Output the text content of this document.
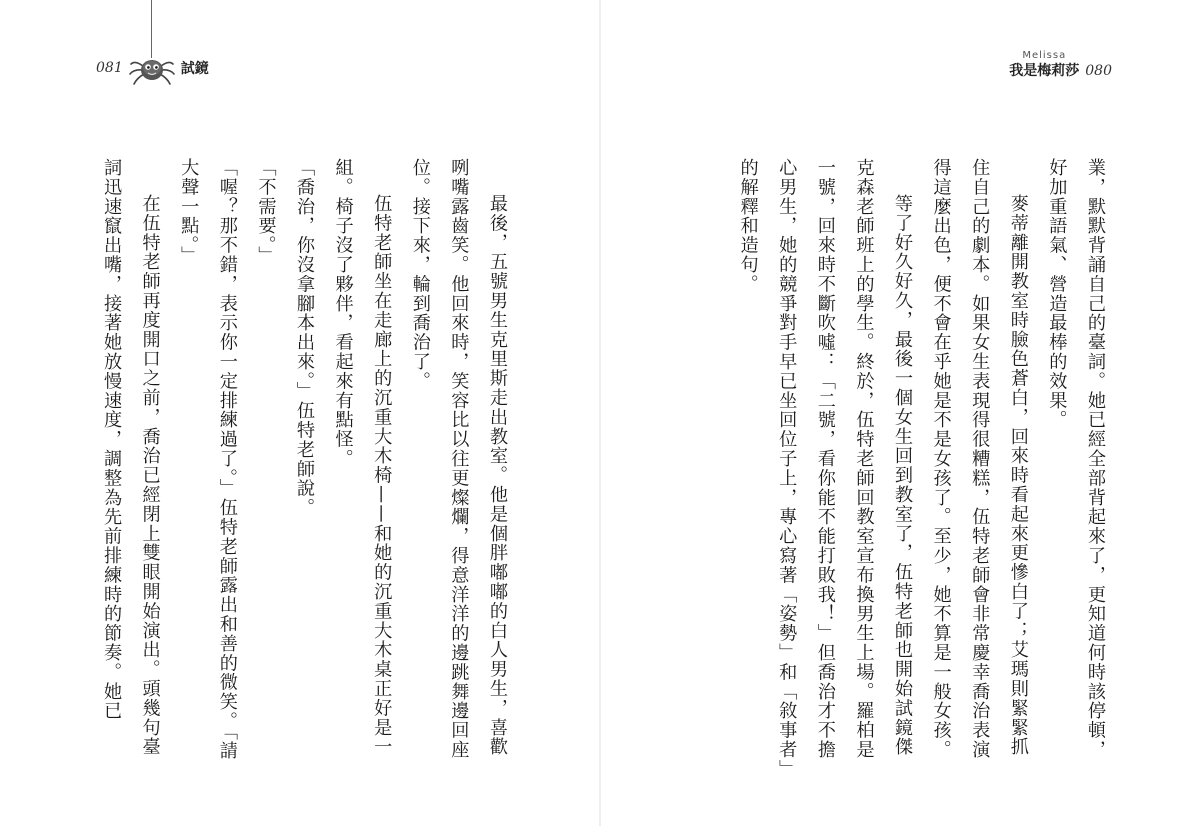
081	試鏡
Melissa
我是梅莉莎 080

業，默默背誦自己的臺詞。她已經全部背起來了，更知道何時該停頓，好加重語氣、營造最棒的效果。

麥蒂離開教室時臉色蒼白，回來時看起來更慘白了；艾瑪則緊緊抓住自己的劇本。如果女生表現得很糟糕，伍特老師會非常慶幸喬治表演得這麼出色，便不會在乎她是不是女孩了。至少，她不算是一般女孩。

等了好久好久，最後一個女生回到教室了，伍特老師也開始試鏡傑克森老師班上的學生。終於，伍特老師回教室宣布換男生上場。羅柏是一號，回來時不斷吹噓：「二號，看你能不能打敗我！」但喬治才不擔心男生，她的競爭對手早已坐回位子上，專心寫著「姿勢」和「敘事者」的解釋和造句。

最後，五號男生克里斯走出教室。他是個胖嘟嘟的白人男生，喜歡咧嘴露齒笑。他回來時，笑容比以往更燦爛，得意洋洋的邊跳舞邊回座位。接下來，輪到喬治了。

伍特老師坐在走廊上的沉重大木椅——和她的沉重大木桌正好是一組。椅子沒了夥伴，看起來有點怪。

「喬治，你沒拿腳本出來。」伍特老師說。

「不需要。」

「喔？那不錯，表示你一定排練過了。」伍特老師露出和善的微笑。「請大聲一點。」

在伍特老師再度開口之前，喬治已經閉上雙眼開始演出。頭幾句臺詞迅速竄出嘴，接著她放慢速度，調整為先前排練時的節奏。她已
